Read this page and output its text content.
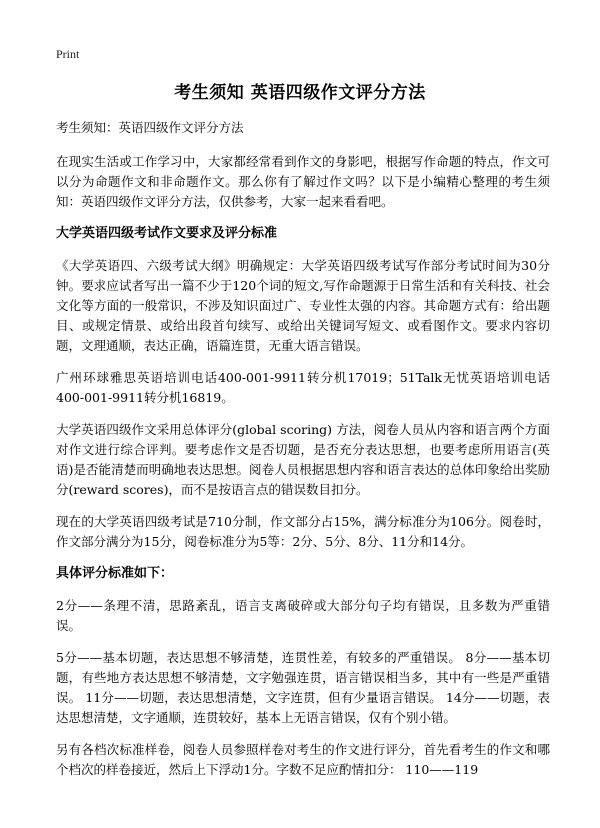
Print
考生须知 英语四级作文评分方法

考生须知：英语四级作文评分方法

在现实生活或工作学习中，大家都经常看到作文的身影吧，根据写作命题的特点，作文可以分为命题作文和非命题作文。那么你有了解过作文吗？以下是小编精心整理的考生须知：英语四级作文评分方法，仅供参考，大家一起来看看吧。

大学英语四级考试作文要求及评分标准

《大学英语四、六级考试大纲》明确规定：大学英语四级考试写作部分考试时间为30分钟。要求应试者写出一篇不少于120个词的短文,写作命题源于日常生活和有关科技、社会文化等方面的一般常识，不涉及知识面过广、专业性太强的内容。其命题方式有：给出题目、或规定情景、或给出段首句续写、或给出关键词写短文、或看图作文。要求内容切题，文理通顺，表达正确，语篇连贯，无重大语言错误。

广州环球雅思英语培训电话400-001-9911转分机17019；51Talk无忧英语培训电话400-001-9911转分机16819。

大学英语四级作文采用总体评分(global scoring) 方法，阅卷人员从内容和语言两个方面对作文进行综合评判。要考虑作文是否切题，是否充分表达思想，也要考虑所用语言(英语)是否能清楚而明确地表达思想。阅卷人员根据思想内容和语言表达的总体印象给出奖励分(reward scores)，而不是按语言点的错误数目扣分。

现在的大学英语四级考试是710分制，作文部分占15%，满分标准分为106分。阅卷时，作文部分满分为15分，阅卷标准分为5等：2分、5分、8分、11分和14分。

具体评分标准如下：

2分——条理不清，思路紊乱，语言支离破碎或大部分句子均有错误，且多数为严重错误。

5分——基本切题，表达思想不够清楚，连贯性差，有较多的严重错误。 8分——基本切题，有些地方表达思想不够清楚，文字勉强连贯，语言错误相当多，其中有一些是严重错误。 11分——切题，表达思想清楚，文字连贯，但有少量语言错误。 14分——切题，表达思想清楚，文字通顺，连贯较好，基本上无语言错误，仅有个别小错。

另有各档次标准样卷，阅卷人员参照样卷对考生的作文进行评分，首先看考生的作文和哪个档次的样卷接近，然后上下浮动1分。字数不足应酌情扣分： 110——119
